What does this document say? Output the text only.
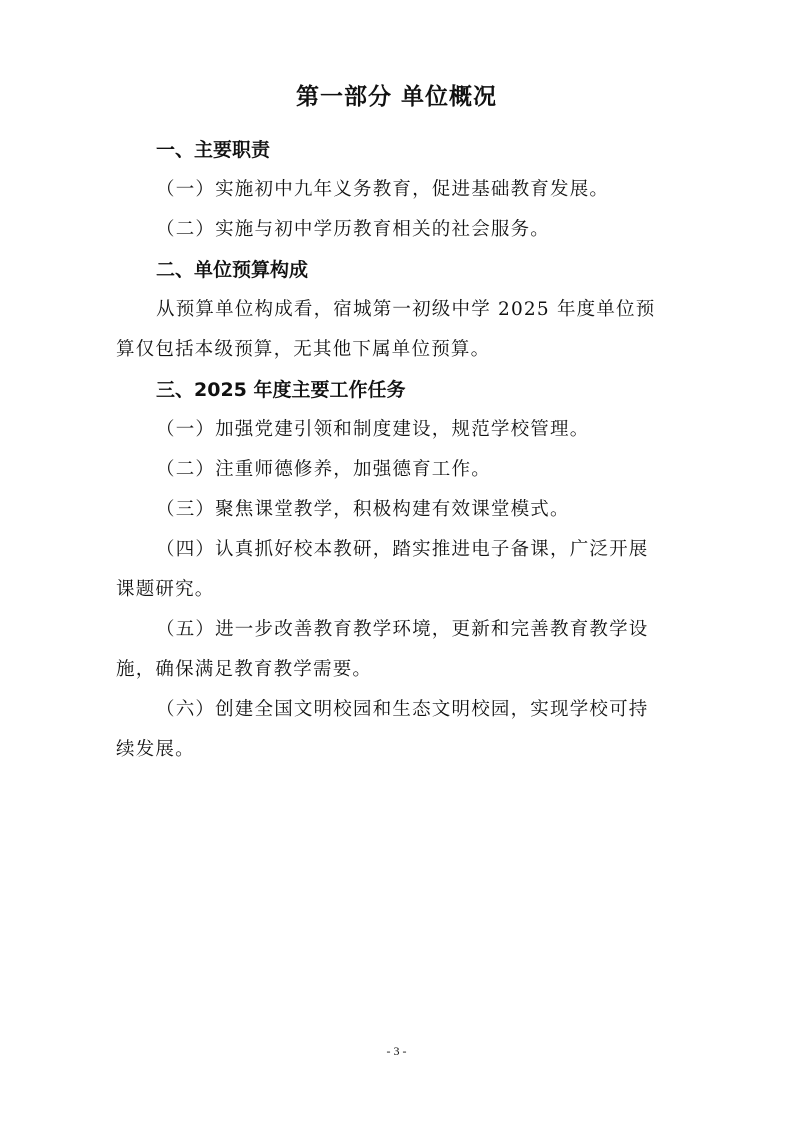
第一部分 单位概况
一、主要职责

（一）实施初中九年义务教育，促进基础教育发展。

（二）实施与初中学历教育相关的社会服务。

二、单位预算构成

从预算单位构成看，宿城第一初级中学 2025 年度单位预
算仅包括本级预算，无其他下属单位预算。

三、2025 年度主要工作任务

（一）加强党建引领和制度建设，规范学校管理。

（二）注重师德修养，加强德育工作。

（三）聚焦课堂教学，积极构建有效课堂模式。

（四）认真抓好校本教研，踏实推进电子备课，广泛开展
课题研究。

（五）进一步改善教育教学环境，更新和完善教育教学设
施，确保满足教育教学需要。

（六）创建全国文明校园和生态文明校园，实现学校可持
续发展。

- 3 -
